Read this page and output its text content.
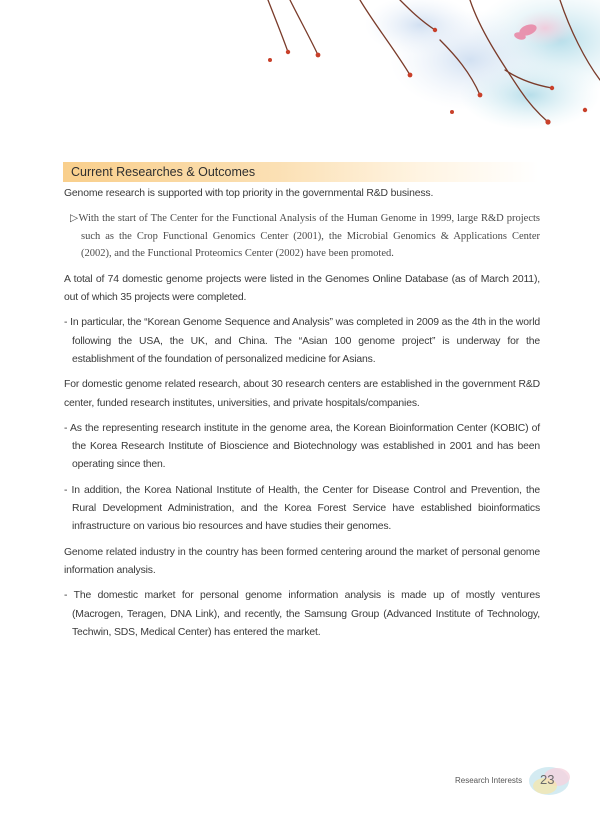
Current Researches & Outcomes

Genome research is supported with top priority in the governmental R&D business.

▷With the start of The Center for the Functional Analysis of the Human Genome in 1999, large R&D projects such as the Crop Functional Genomics Center (2001), the Microbial Genomics & Applications Center (2002), and the Functional Proteomics Center (2002) have been promoted.

A total of 74 domestic genome projects were listed in the Genomes Online Database (as of March 2011), out of which 35 projects were completed.

- In particular, the “Korean Genome Sequence and Analysis” was completed in 2009 as the 4th in the world following the USA, the UK, and China. The “Asian 100 genome project” is underway for the establishment of the foundation of personalized medicine for Asians.

For domestic genome related research, about 30 research centers are established in the government R&D center, funded research institutes, universities, and private hospitals/companies.

- As the representing research institute in the genome area, the Korean Bioinformation Center (KOBIC) of the Korea Research Institute of Bioscience and Biotechnology was established in 2001 and has been operating since then.

- In addition, the Korea National Institute of Health, the Center for Disease Control and Prevention, the Rural Development Administration, and the Korea Forest Service have established bioinformatics infrastructure on various bio resources and have studies their genomes.

Genome related industry in the country has been formed centering around the market of personal genome information analysis.

- The domestic market for personal genome information analysis is made up of mostly ventures (Macrogen, Teragen, DNA Link), and recently, the Samsung Group (Advanced Institute of Technology, Techwin, SDS, Medical Center) has entered the market.

Research Interests 23
